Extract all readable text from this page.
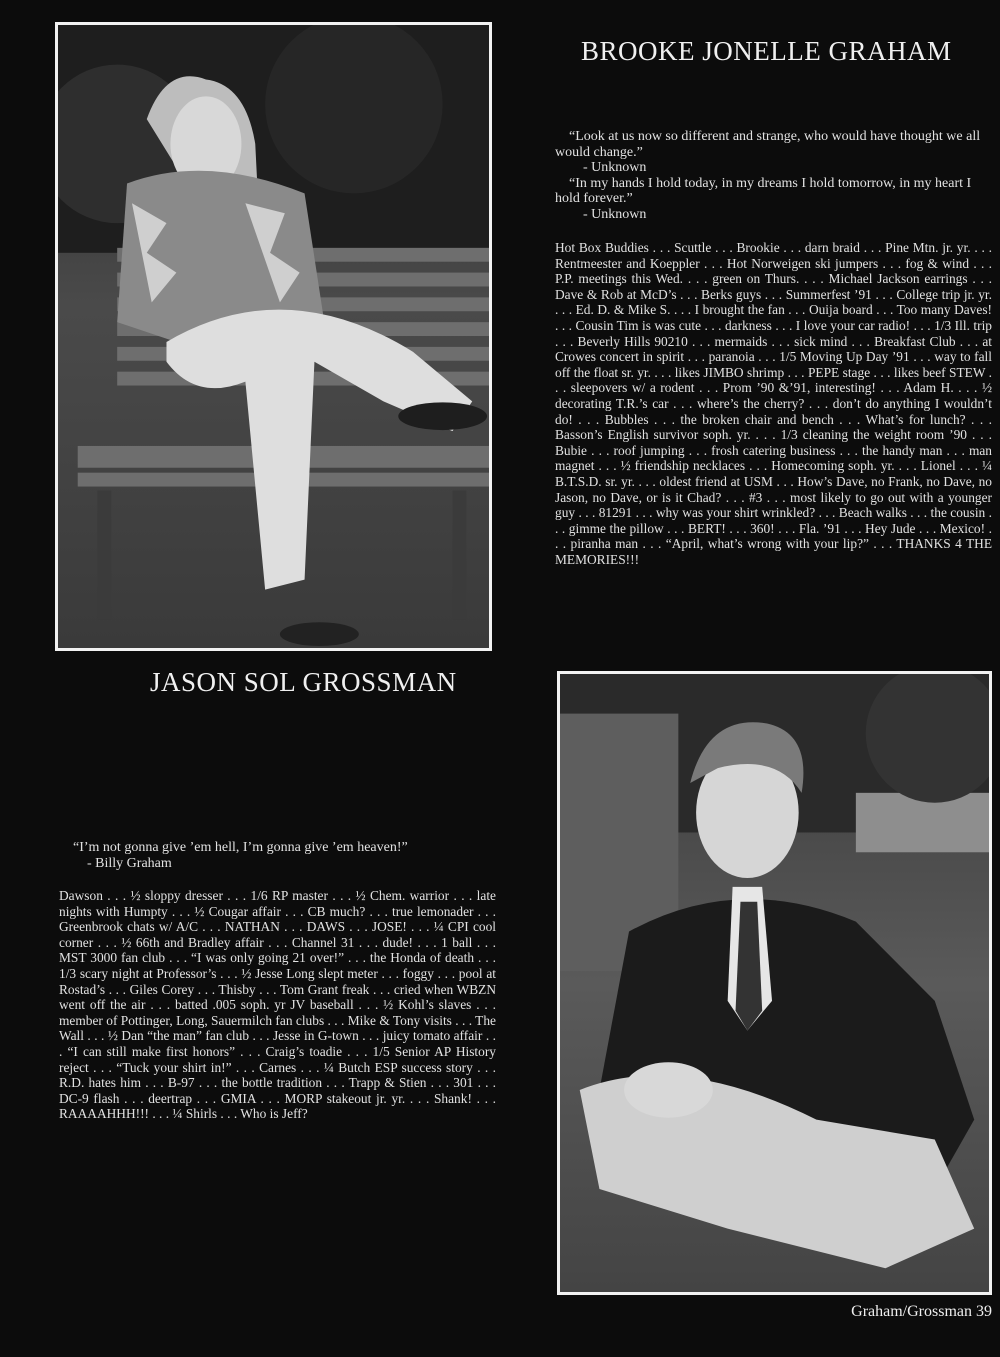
BROOKE JONELLE GRAHAM

“Look at us now so different and strange, who would have thought we all would change.”

- Unknown

“In my hands I hold today, in my dreams I hold tomorrow, in my heart I hold forever.”

- Unknown

Hot Box Buddies . . . Scuttle . . . Brookie . . . darn braid . . . Pine Mtn. jr. yr. . . . Rentmeester and Koeppler . . . Hot Norweigen ski jumpers . . . fog & wind . . . P.P. meetings this Wed. . . . green on Thurs. . . . Michael Jackson earrings . . . Dave & Rob at McD’s . . . Berks guys . . . Summerfest ’91 . . . College trip jr. yr. . . . Ed. D. & Mike S. . . . I brought the fan . . . Ouija board . . . Too many Daves! . . . Cousin Tim is was cute . . . darkness . . . I love your car radio! . . . 1/3 Ill. trip . . . Beverly Hills 90210 . . . mermaids . . . sick mind . . . Breakfast Club . . . at Crowes concert in spirit . . . paranoia . . . 1/5 Moving Up Day ’91 . . . way to fall off the float sr. yr. . . . likes JIMBO shrimp . . . PEPE stage . . . likes beef STEW . . . sleepovers w/ a rodent . . . Prom ’90 &’91, interesting! . . . Adam H. . . . ½ decorating T.R.’s car . . . where’s the cherry? . . . don’t do anything I wouldn’t do! . . . Bubbles . . . the broken chair and bench . . . What’s for lunch? . . . Basson’s English survivor soph. yr. . . . 1/3 cleaning the weight room ’90 . . . Bubie . . . roof jumping . . . frosh catering business . . . the handy man . . . man magnet . . . ½ friendship necklaces . . . Homecoming soph. yr. . . . Lionel . . . ¼ B.T.S.D. sr. yr. . . . oldest friend at USM . . . How’s Dave, no Frank, no Dave, no Jason, no Dave, or is it Chad? . . . #3 . . . most likely to go out with a younger guy . . . 81291 . . . why was your shirt wrinkled? . . . Beach walks . . . the cousin . . . gimme the pillow . . . BERT! . . . 360! . . . Fla. ’91 . . . Hey Jude . . . Mexico! . . . piranha man . . . “April, what’s wrong with your lip?” . . . THANKS 4 THE MEMORIES!!!
JASON SOL GROSSMAN

“I’m not gonna give ’em hell, I’m gonna give ’em heaven!”

- Billy Graham

Dawson . . . ½ sloppy dresser . . . 1/6 RP master . . . ½ Chem. warrior . . . late nights with Humpty . . . ½ Cougar affair . . . CB much? . . . true lemonader . . . Greenbrook chats w/ A/C . . . NATHAN . . . DAWS . . . JOSE! . . . ¼ CPI cool corner . . . ½ 66th and Bradley affair . . . Channel 31 . . . dude! . . . 1 ball . . . MST 3000 fan club . . . “I was only going 21 over!” . . . the Honda of death . . . 1/3 scary night at Professor’s . . . ½ Jesse Long slept meter . . . foggy . . . pool at Rostad’s . . . Giles Corey . . . Thisby . . . Tom Grant freak . . . cried when WBZN went off the air . . . batted .005 soph. yr JV baseball . . . ½ Kohl’s slaves . . . member of Pottinger, Long, Sauermilch fan clubs . . . Mike & Tony visits . . . The Wall . . . ½ Dan “the man” fan club . . . Jesse in G-town . . . juicy tomato affair . . . “I can still make first honors” . . . Craig’s toadie . . . 1/5 Senior AP History reject . . . “Tuck your shirt in!” . . . Carnes . . . ¼ Butch ESP success story . . . R.D. hates him . . . B-97 . . . the bottle tradition . . . Trapp & Stien . . . 301 . . . DC-9 flash . . . deertrap . . . GMIA . . . MORP stakeout jr. yr. . . . Shank! . . . RAAAAHHH!!! . . . ¼ Shirls . . . Who is Jeff?
Graham/Grossman 39
